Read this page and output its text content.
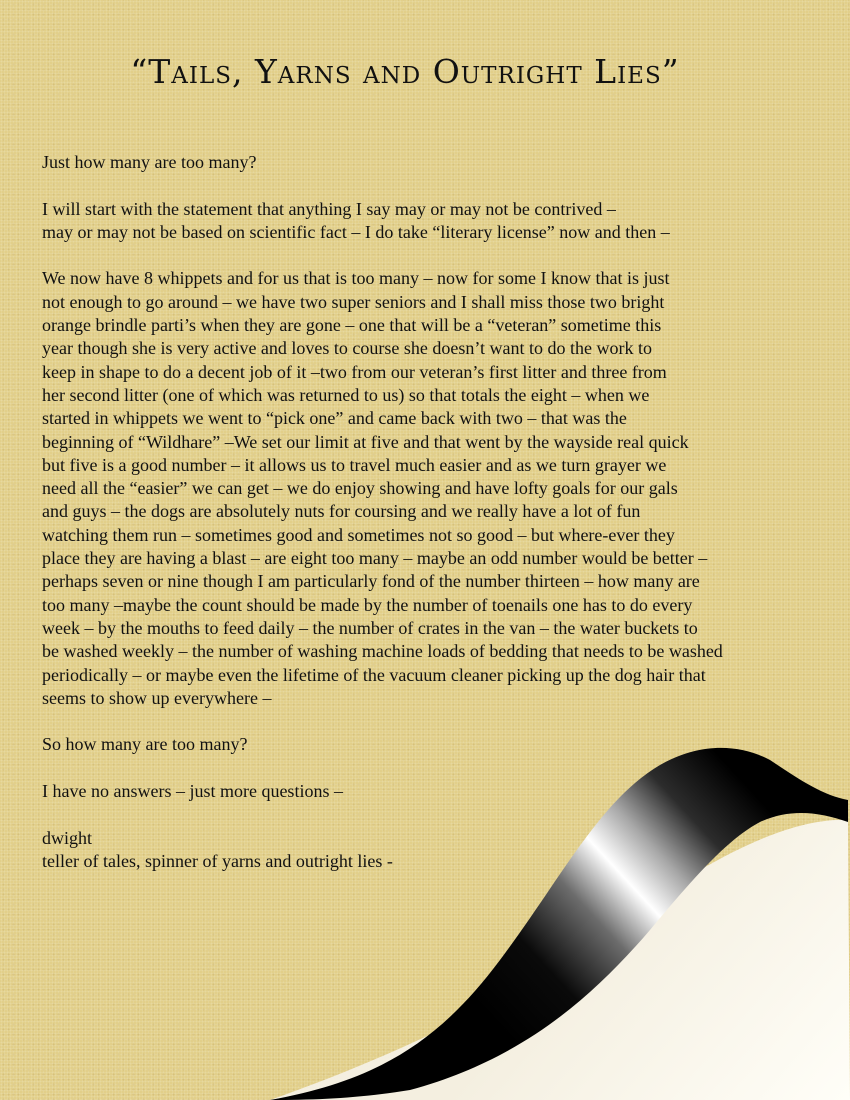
“Tails, Yarns and Outright Lies”
Just how many are too many?
I will start with the statement that anything I say may or may not be contrived –
may or may not be based on scientific fact – I do take “literary license” now and then –
We now have 8 whippets and for us that is too many – now for some I know that is just
not enough to go around – we have two super seniors and I shall miss those two bright
orange brindle parti’s when they are gone – one that will be a “veteran” sometime this
year though she is very active and loves to course she doesn’t want to do the work to
keep in shape to do a decent job of it –two from our veteran’s first litter and three from
her second litter (one of which was returned to us) so that totals the eight – when we
started in whippets we went to “pick one” and came back with two – that was the
beginning of “Wildhare” –We set our limit at five and that went by the wayside real quick
but five is a good number – it allows us to travel much easier and as we turn grayer we
need all the “easier” we can get – we do enjoy showing and have lofty goals for our gals
and guys – the dogs are absolutely nuts for coursing and we really have a lot of fun
watching them run – sometimes good and sometimes not so good – but where-ever they
place they are having a blast – are eight too many – maybe an odd number would be better –
perhaps seven or nine though I am particularly fond of the number thirteen – how many are
too many –maybe the count should be made by the number of toenails one has to do every
week – by the mouths to feed daily – the number of crates in the van – the water buckets to
be washed weekly – the number of washing machine loads of bedding that needs to be washed
periodically – or maybe even the lifetime of the vacuum cleaner picking up the dog hair that
seems to show up everywhere –
So how many are too many?
I have no answers – just more questions –
dwight
teller of tales, spinner of yarns and outright lies -
